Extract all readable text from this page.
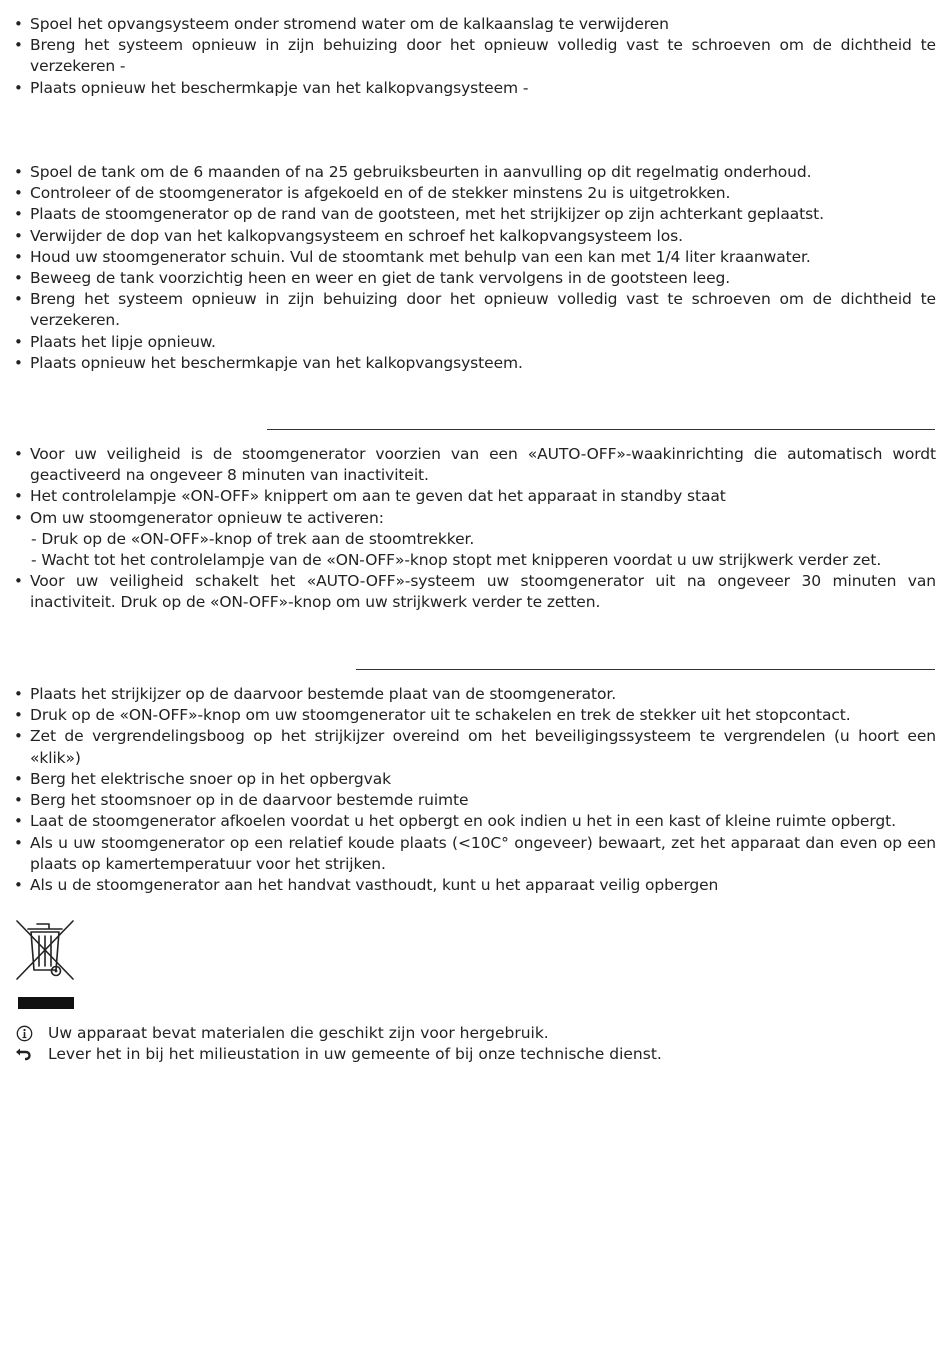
• Spoel het opvangsysteem onder stromend water om de kalkaanslag te verwijderen
• Breng het systeem opnieuw in zijn behuizing door het opnieuw volledig vast te schroeven om de dichtheid te verzekeren -
• Plaats opnieuw het beschermkapje van het kalkopvangsysteem -
• Spoel de tank om de 6 maanden of na 25 gebruiksbeurten in aanvulling op dit regelmatig onderhoud.
• Controleer of de stoomgenerator is afgekoeld en of de stekker minstens 2u is uitgetrokken.
• Plaats de stoomgenerator op de rand van de gootsteen, met het strijkijzer op zijn achterkant geplaatst.
• Verwijder de dop van het kalkopvangsysteem en schroef het kalkopvangsysteem los.
• Houd uw stoomgenerator schuin. Vul de stoomtank met behulp van een kan met 1/4 liter kraanwater.
• Beweeg de tank voorzichtig heen en weer en giet de tank vervolgens in de gootsteen leeg.
• Breng het systeem opnieuw in zijn behuizing door het opnieuw volledig vast te schroeven om de dichtheid te verzekeren.
• Plaats het lipje opnieuw.
• Plaats opnieuw het beschermkapje van het kalkopvangsysteem.
• Voor uw veiligheid is de stoomgenerator voorzien van een «AUTO-OFF»-waakinrichting die automatisch wordt geactiveerd na ongeveer 8 minuten van inactiviteit.
• Het controlelampje «ON-OFF» knippert om aan te geven dat het apparaat in standby staat
• Om uw stoomgenerator opnieuw te activeren:
- Druk op de «ON-OFF»-knop of trek aan de stoomtrekker.
- Wacht tot het controlelampje van de «ON-OFF»-knop stopt met knipperen voordat u uw strijkwerk verder zet.
• Voor uw veiligheid schakelt het «AUTO-OFF»-systeem uw stoomgenerator uit na ongeveer 30 minuten van inactiviteit. Druk op de «ON-OFF»-knop om uw strijkwerk verder te zetten.
• Plaats het strijkijzer op de daarvoor bestemde plaat van de stoomgenerator.
• Druk op de «ON-OFF»-knop om uw stoomgenerator uit te schakelen en trek de stekker uit het stopcontact.
• Zet de vergrendelingsboog op het strijkijzer overeind om het beveiligingssysteem te vergrendelen (u hoort een «klik»)
• Berg het elektrische snoer op in het opbergvak
• Berg het stoomsnoer op in de daarvoor bestemde ruimte
• Laat de stoomgenerator afkoelen voordat u het opbergt en ook indien u het in een kast of kleine ruimte opbergt.
• Als u uw stoomgenerator op een relatief koude plaats (<10C° ongeveer) bewaart, zet het apparaat dan even op een plaats op kamertemperatuur voor het strijken.
• Als u de stoomgenerator aan het handvat vasthoudt, kunt u het apparaat veilig opbergen
Uw apparaat bevat materialen die geschikt zijn voor hergebruik.
Lever het in bij het milieustation in uw gemeente of bij onze technische dienst.
